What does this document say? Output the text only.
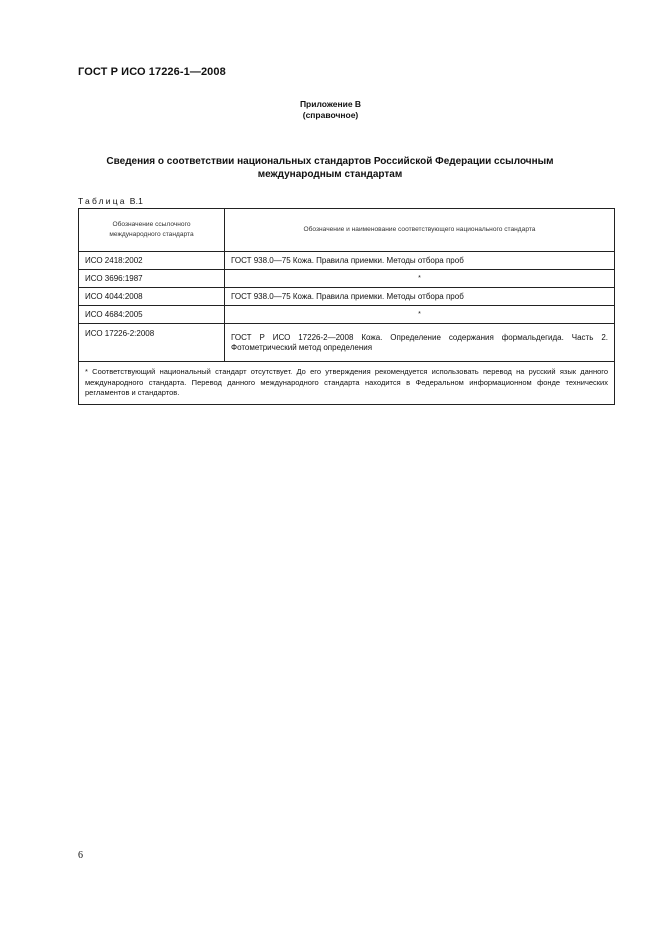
ГОСТ Р ИСО 17226-1—2008
Приложение В
(справочное)
Сведения о соответствии национальных стандартов Российской Федерации ссылочным
международным стандартам
Таблица В.1
Обозначение ссылочного международного стандарта	Обозначение и наименование соответствующего национального стандарта
ИСО 2418:2002	ГОСТ 938.0—75 Кожа. Правила приемки. Методы отбора проб
ИСО 3696:1987	*
ИСО 4044:2008	ГОСТ 938.0—75 Кожа. Правила приемки. Методы отбора проб
ИСО 4684:2005	*
ИСО 17226-2:2008	ГОСТ Р ИСО 17226-2—2008 Кожа. Определение содержания формальдегида. Часть 2. Фотометрический метод определения
* Соответствующий национальный стандарт отсутствует. До его утверждения рекомендуется использовать перевод на русский язык данного международного стандарта. Перевод данного международного стандарта находится в Федеральном информационном фонде технических регламентов и стандартов.	
6
